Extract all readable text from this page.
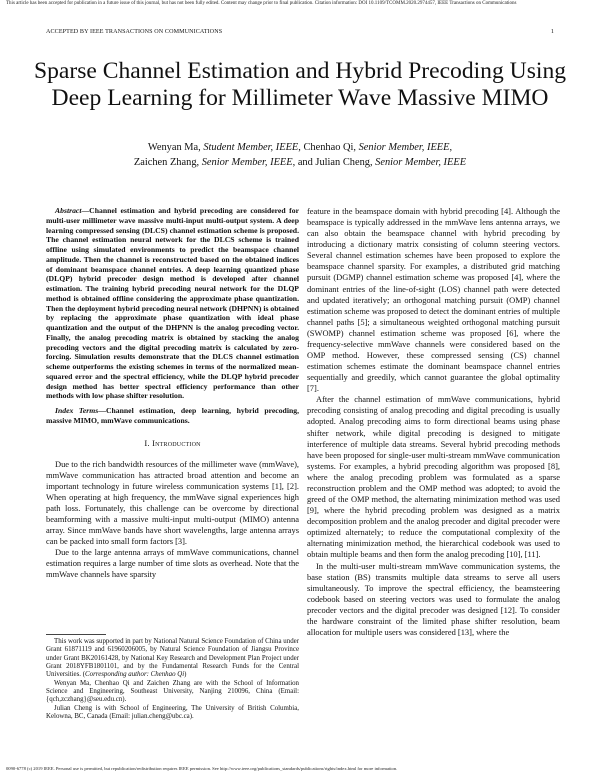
This article has been accepted for publication in a future issue of this journal, but has not been fully edited. Content may change prior to final publication. Citation information: DOI 10.1109/TCOMM.2020.2974457, IEEE Transactions on Communications
ACCEPTED BY IEEE TRANSACTIONS ON COMMUNICATIONS	1
Sparse Channel Estimation and Hybrid Precoding Using Deep Learning for Millimeter Wave Massive MIMO
Wenyan Ma, Student Member, IEEE, Chenhao Qi, Senior Member, IEEE,
Zaichen Zhang, Senior Member, IEEE, and Julian Cheng, Senior Member, IEEE

Abstract—Channel estimation and hybrid precoding are considered for multi-user millimeter wave massive multi-input multi-output system. A deep learning compressed sensing (DLCS) channel estimation scheme is proposed. The channel estimation neural network for the DLCS scheme is trained offline using simulated environments to predict the beamspace channel amplitude. Then the channel is reconstructed based on the obtained indices of dominant beamspace channel entries. A deep learning quantized phase (DLQP) hybrid precoder design method is developed after channel estimation. The training hybrid precoding neural network for the DLQP method is obtained offline considering the approximate phase quantization. Then the deployment hybrid precoding neural network (DHPNN) is obtained by replacing the approximate phase quantization with ideal phase quantization and the output of the DHPNN is the analog precoding vector. Finally, the analog precoding matrix is obtained by stacking the analog precoding vectors and the digital precoding matrix is calculated by zero-forcing. Simulation results demonstrate that the DLCS channel estimation scheme outperforms the existing schemes in terms of the normalized mean-squared error and the spectral efficiency, while the DLQP hybrid precoder design method has better spectral efficiency performance than other methods with low phase shifter resolution.

Index Terms—Channel estimation, deep learning, hybrid precoding, massive MIMO, mmWave communications.

I. Introduction

Due to the rich bandwidth resources of the millimeter wave (mmWave), mmWave communication has attracted broad attention and become an important technology in future wireless communication systems [1], [2]. When operating at high frequency, the mmWave signal experiences high path loss. Fortunately, this challenge can be overcome by directional beamforming with a massive multi-input multi-output (MIMO) antenna array. Since mmWave bands have short wavelengths, large antenna arrays can be packed into small form factors [3].

Due to the large antenna arrays of mmWave communications, channel estimation requires a large number of time slots as overhead. Note that the mmWave channels have sparsity

This work was supported in part by National Natural Science Foundation of China under Grant 61871119 and 61960206005, by Natural Science Foundation of Jiangsu Province under Grant BK20161428, by National Key Research and Development Plan Project under Grant 2018YFB1801101, and by the Fundamental Research Funds for the Central Universities. (Corresponding author: Chenhao Qi)

Wenyan Ma, Chenhao Qi and Zaichen Zhang are with the School of Information Science and Engineering, Southeast University, Nanjing 210096, China (Email: {qch,zczhang}@seu.edu.cn).

Julian Cheng is with School of Engineering, The University of British Columbia, Kelowna, BC, Canada (Email: julian.cheng@ubc.ca).

feature in the beamspace domain with hybrid precoding [4]. Although the beamspace is typically addressed in the mmWave lens antenna arrays, we can also obtain the beamspace channel with hybrid precoding by introducing a dictionary matrix consisting of column steering vectors. Several channel estimation schemes have been proposed to explore the beamspace channel sparsity. For examples, a distributed grid matching pursuit (DGMP) channel estimation scheme was proposed [4], where the dominant entries of the line-of-sight (LOS) channel path were detected and updated iteratively; an orthogonal matching pursuit (OMP) channel estimation scheme was proposed to detect the dominant entries of multiple channel paths [5]; a simultaneous weighted orthogonal matching pursuit (SWOMP) channel estimation scheme was proposed [6], where the frequency-selective mmWave channels were considered based on the OMP method. However, these compressed sensing (CS) channel estimation schemes estimate the dominant beamspace channel entries sequentially and greedily, which cannot guarantee the global optimality [7].

After the channel estimation of mmWave communications, hybrid precoding consisting of analog precoding and digital precoding is usually adopted. Analog precoding aims to form directional beams using phase shifter network, while digital precoding is designed to mitigate interference of multiple data streams. Several hybrid precoding methods have been proposed for single-user multi-stream mmWave communication systems. For examples, a hybrid precoding algorithm was proposed [8], where the analog precoding problem was formulated as a sparse reconstruction problem and the OMP method was adopted; to avoid the greed of the OMP method, the alternating minimization method was used [9], where the hybrid precoding problem was designed as a matrix decomposition problem and the analog precoder and digital precoder were optimized alternately; to reduce the computational complexity of the alternating minimization method, the hierarchical codebook was used to obtain multiple beams and then form the analog precoding [10], [11].

In the multi-user multi-stream mmWave communication systems, the base station (BS) transmits multiple data streams to serve all users simultaneously. To improve the spectral efficiency, the beamsteering codebook based on steering vectors was used to formulate the analog precoder vectors and the digital precoder was designed [12]. To consider the hardware constraint of the limited phase shifter resolution, beam allocation for multiple users was considered [13], where the

0090-6778 (c) 2019 IEEE. Personal use is permitted, but republication/redistribution requires IEEE permission. See http://www.ieee.org/publications_standards/publications/rights/index.html for more information.
